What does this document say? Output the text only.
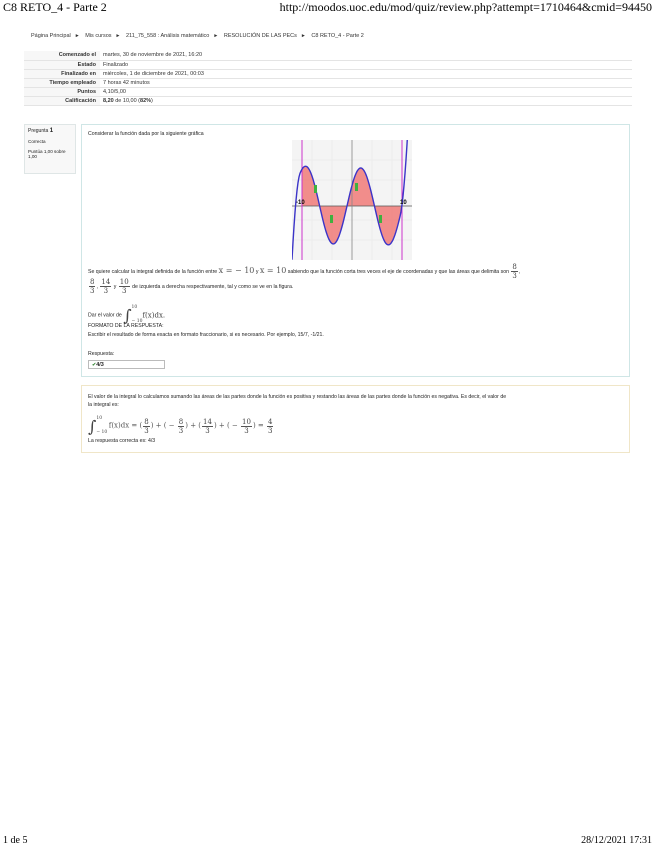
C8 RETO_4 - Parte 2	http://moodos.uoc.edu/mod/quiz/review.php?attempt=1710464&cmid=94450
Página Principal ► Mis cursos ► 211_75_558 : Análisis matemático ► RESOLUCIÓN DE LAS PECs ► C8 RETO_4 - Parte 2
Comenzado el	martes, 30 de noviembre de 2021, 16:20
Estado	Finalizado
Finalizado en	miércoles, 1 de diciembre de 2021, 00:03
Tiempo empleado	7 horas 42 minutos
Puntos	4,10/5,00
Calificación	8,20 de 10,00 (82%)
Pregunta 1
Correcta
Puntúa 1,00 sobre 1,00
Considerar la función dada por la siguiente gráfica
-10	10
Se quiere calcular la integral definida de la función entre x = − 10 y x = 10 sabiendo que la función corta tres veces el eje de coordenadas y que las áreas que delimita son $\frac{8}{3}$ ,
$\frac{8}{3}$ , $\frac{14}{3}$ y $\frac{10}{3}$ de izquierda a derecha respectivamente, tal y como se ve en la figura.
Dar el valor de ∫10
− 10f(x)dx.
FORMATO DE LA RESPUESTA:
Escribir el resultado de forma exacta en formato fraccionario, si es necesario. Por ejemplo, 15/7, -1/21.
Respuesta:
✔4/3
El valor de la integral lo calculamos sumando las áreas de las partes donde la función es positiva y restando las áreas de las partes donde la función es negativa. Es decir, el valor de
la integral es:
∫10
− 10 f(x)dx = ( $\frac{8}{3}$ ) + ( − $\frac{8}{3}$ ) + ( $\frac{14}{3}$ ) + ( − $\frac{10}{3}$ ) = $\frac{4}{3}$
La respuesta correcta es: 4/3
1 de 5	28/12/2021 17:31
